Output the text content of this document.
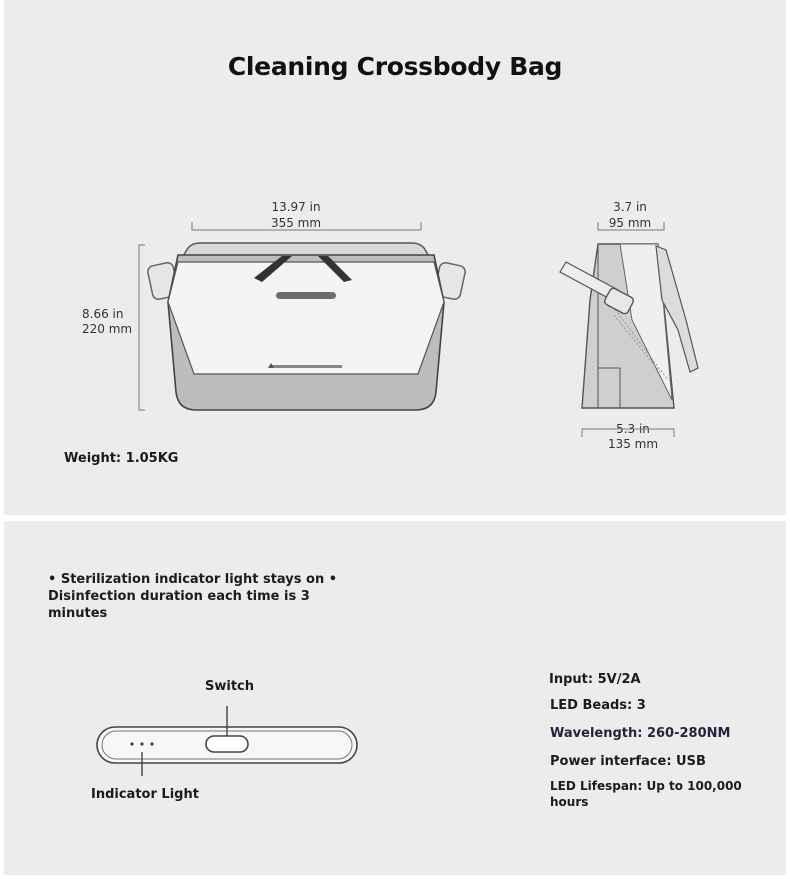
Cleaning Crossbody Bag
13.97 in
355 mm
8.66 in
220 mm
3.7 in
95 mm
5.3 in
135 mm
Weight: 1.05KG
• Sterilization indicator light stays on • Disinfection duration each time is 3 minutes
Switch
Indicator Light
Input: 5V/2A
LED Beads: 3
Wavelength: 260-280NM
Power interface: USB
LED Lifespan: Up to 100,000 hours
